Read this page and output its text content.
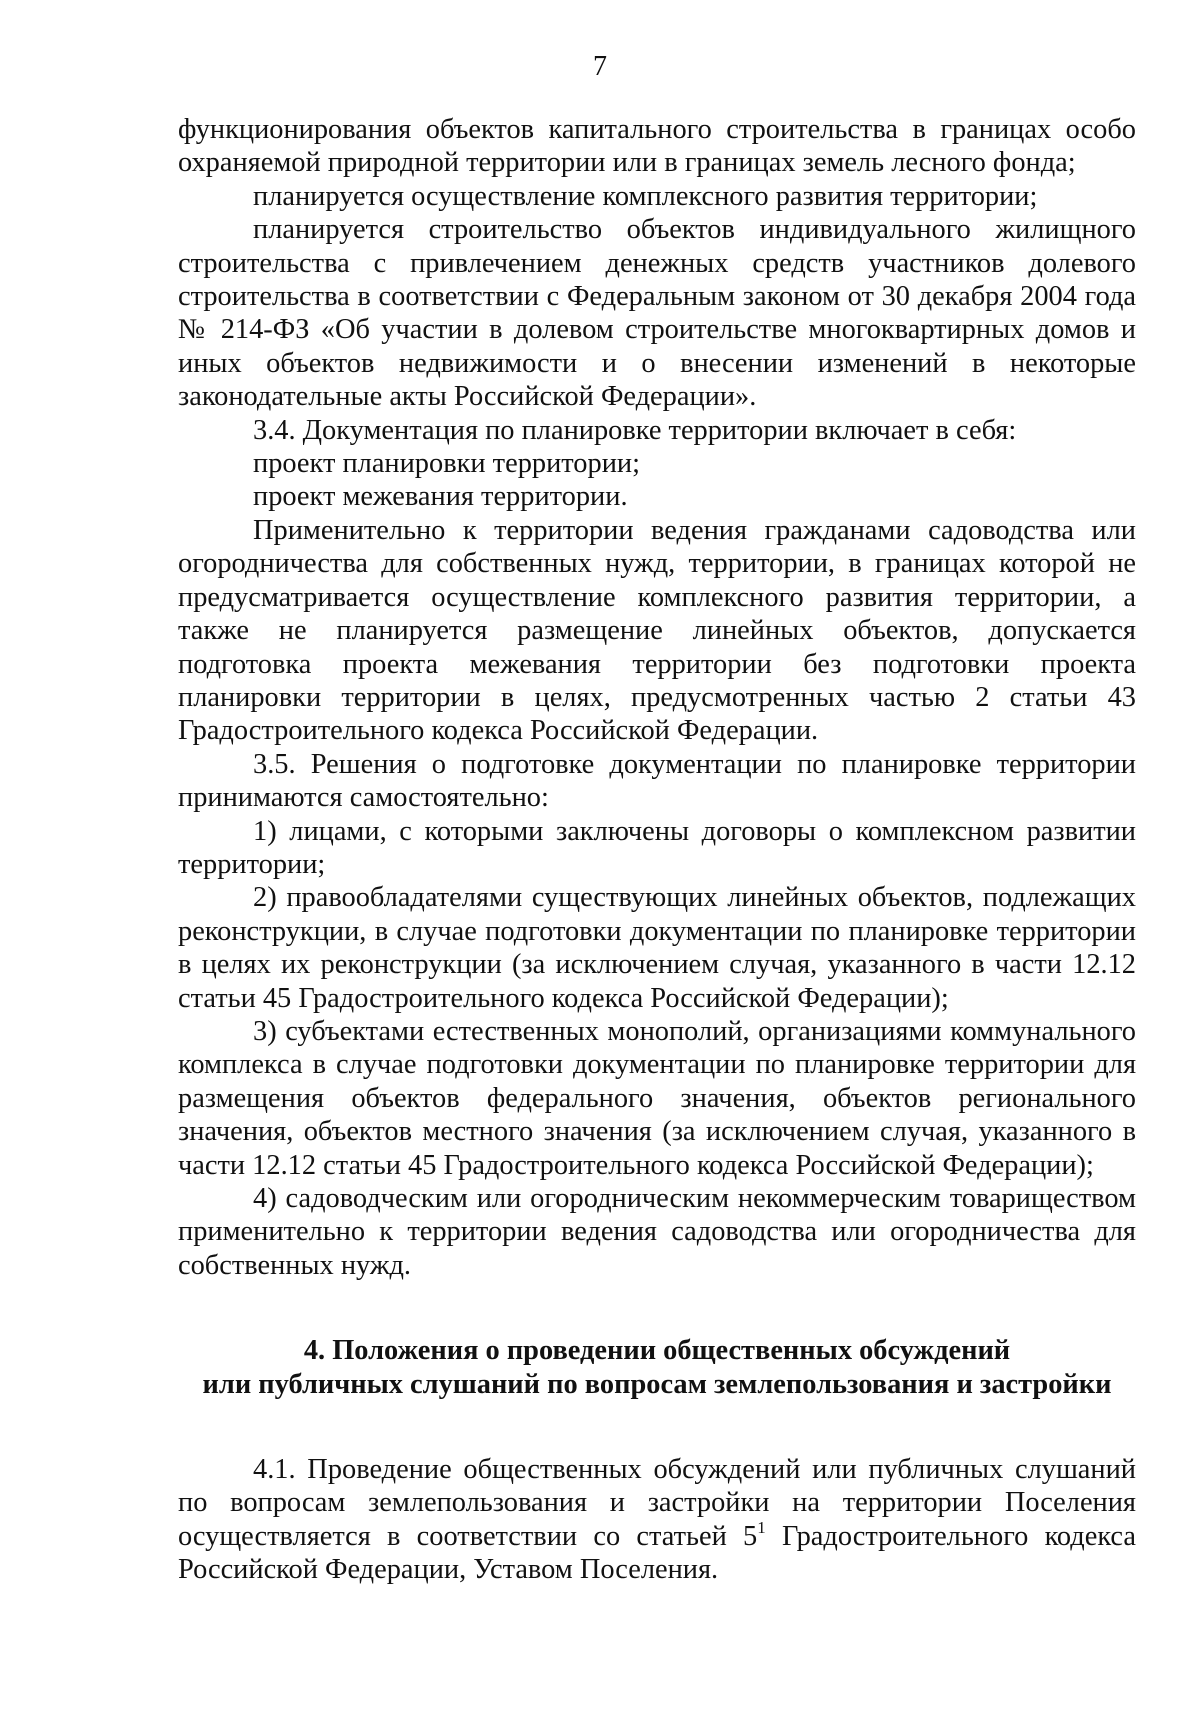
7

функционирования объектов капитального строительства в границах особо охраняемой природной территории или в границах земель лесного фонда;

планируется осуществление комплексного развития территории;

планируется строительство объектов индивидуального жилищного строительства с привлечением денежных средств участников долевого строительства в соответствии с Федеральным законом от 30 декабря 2004 года № 214-ФЗ «Об участии в долевом строительстве многоквартирных домов и иных объектов недвижимости и о внесении изменений в некоторые законодательные акты Российской Федерации».

3.4. Документация по планировке территории включает в себя:

проект планировки территории;

проект межевания территории.

Применительно к территории ведения гражданами садоводства или огородничества для собственных нужд, территории, в границах которой не предусматривается осуществление комплексного развития территории, а также не планируется размещение линейных объектов, допускается подготовка проекта межевания территории без подготовки проекта планировки территории в целях, предусмотренных частью 2 статьи 43 Градостроительного кодекса Российской Федерации.

3.5. Решения о подготовке документации по планировке территории принимаются самостоятельно:

1) лицами, с которыми заключены договоры о комплексном развитии территории;

2) правообладателями существующих линейных объектов, подлежащих реконструкции, в случае подготовки документации по планировке территории в целях их реконструкции (за исключением случая, указанного в части 12.12 статьи 45 Градостроительного кодекса Российской Федерации);

3) субъектами естественных монополий, организациями коммунального комплекса в случае подготовки документации по планировке территории для размещения объектов федерального значения, объектов регионального значения, объектов местного значения (за исключением случая, указанного в части 12.12 статьи 45 Градостроительного кодекса Российской Федерации);

4) садоводческим или огородническим некоммерческим товариществом применительно к территории ведения садоводства или огородничества для собственных нужд.

4. Положения о проведении общественных обсуждений
или публичных слушаний по вопросам землепользования и застройки

4.1. Проведение общественных обсуждений или публичных слушаний по вопросам землепользования и застройки на территории Поселения осуществляется в соответствии со статьей $5^1$ Градостроительного кодекса Российской Федерации, Уставом Поселения.
